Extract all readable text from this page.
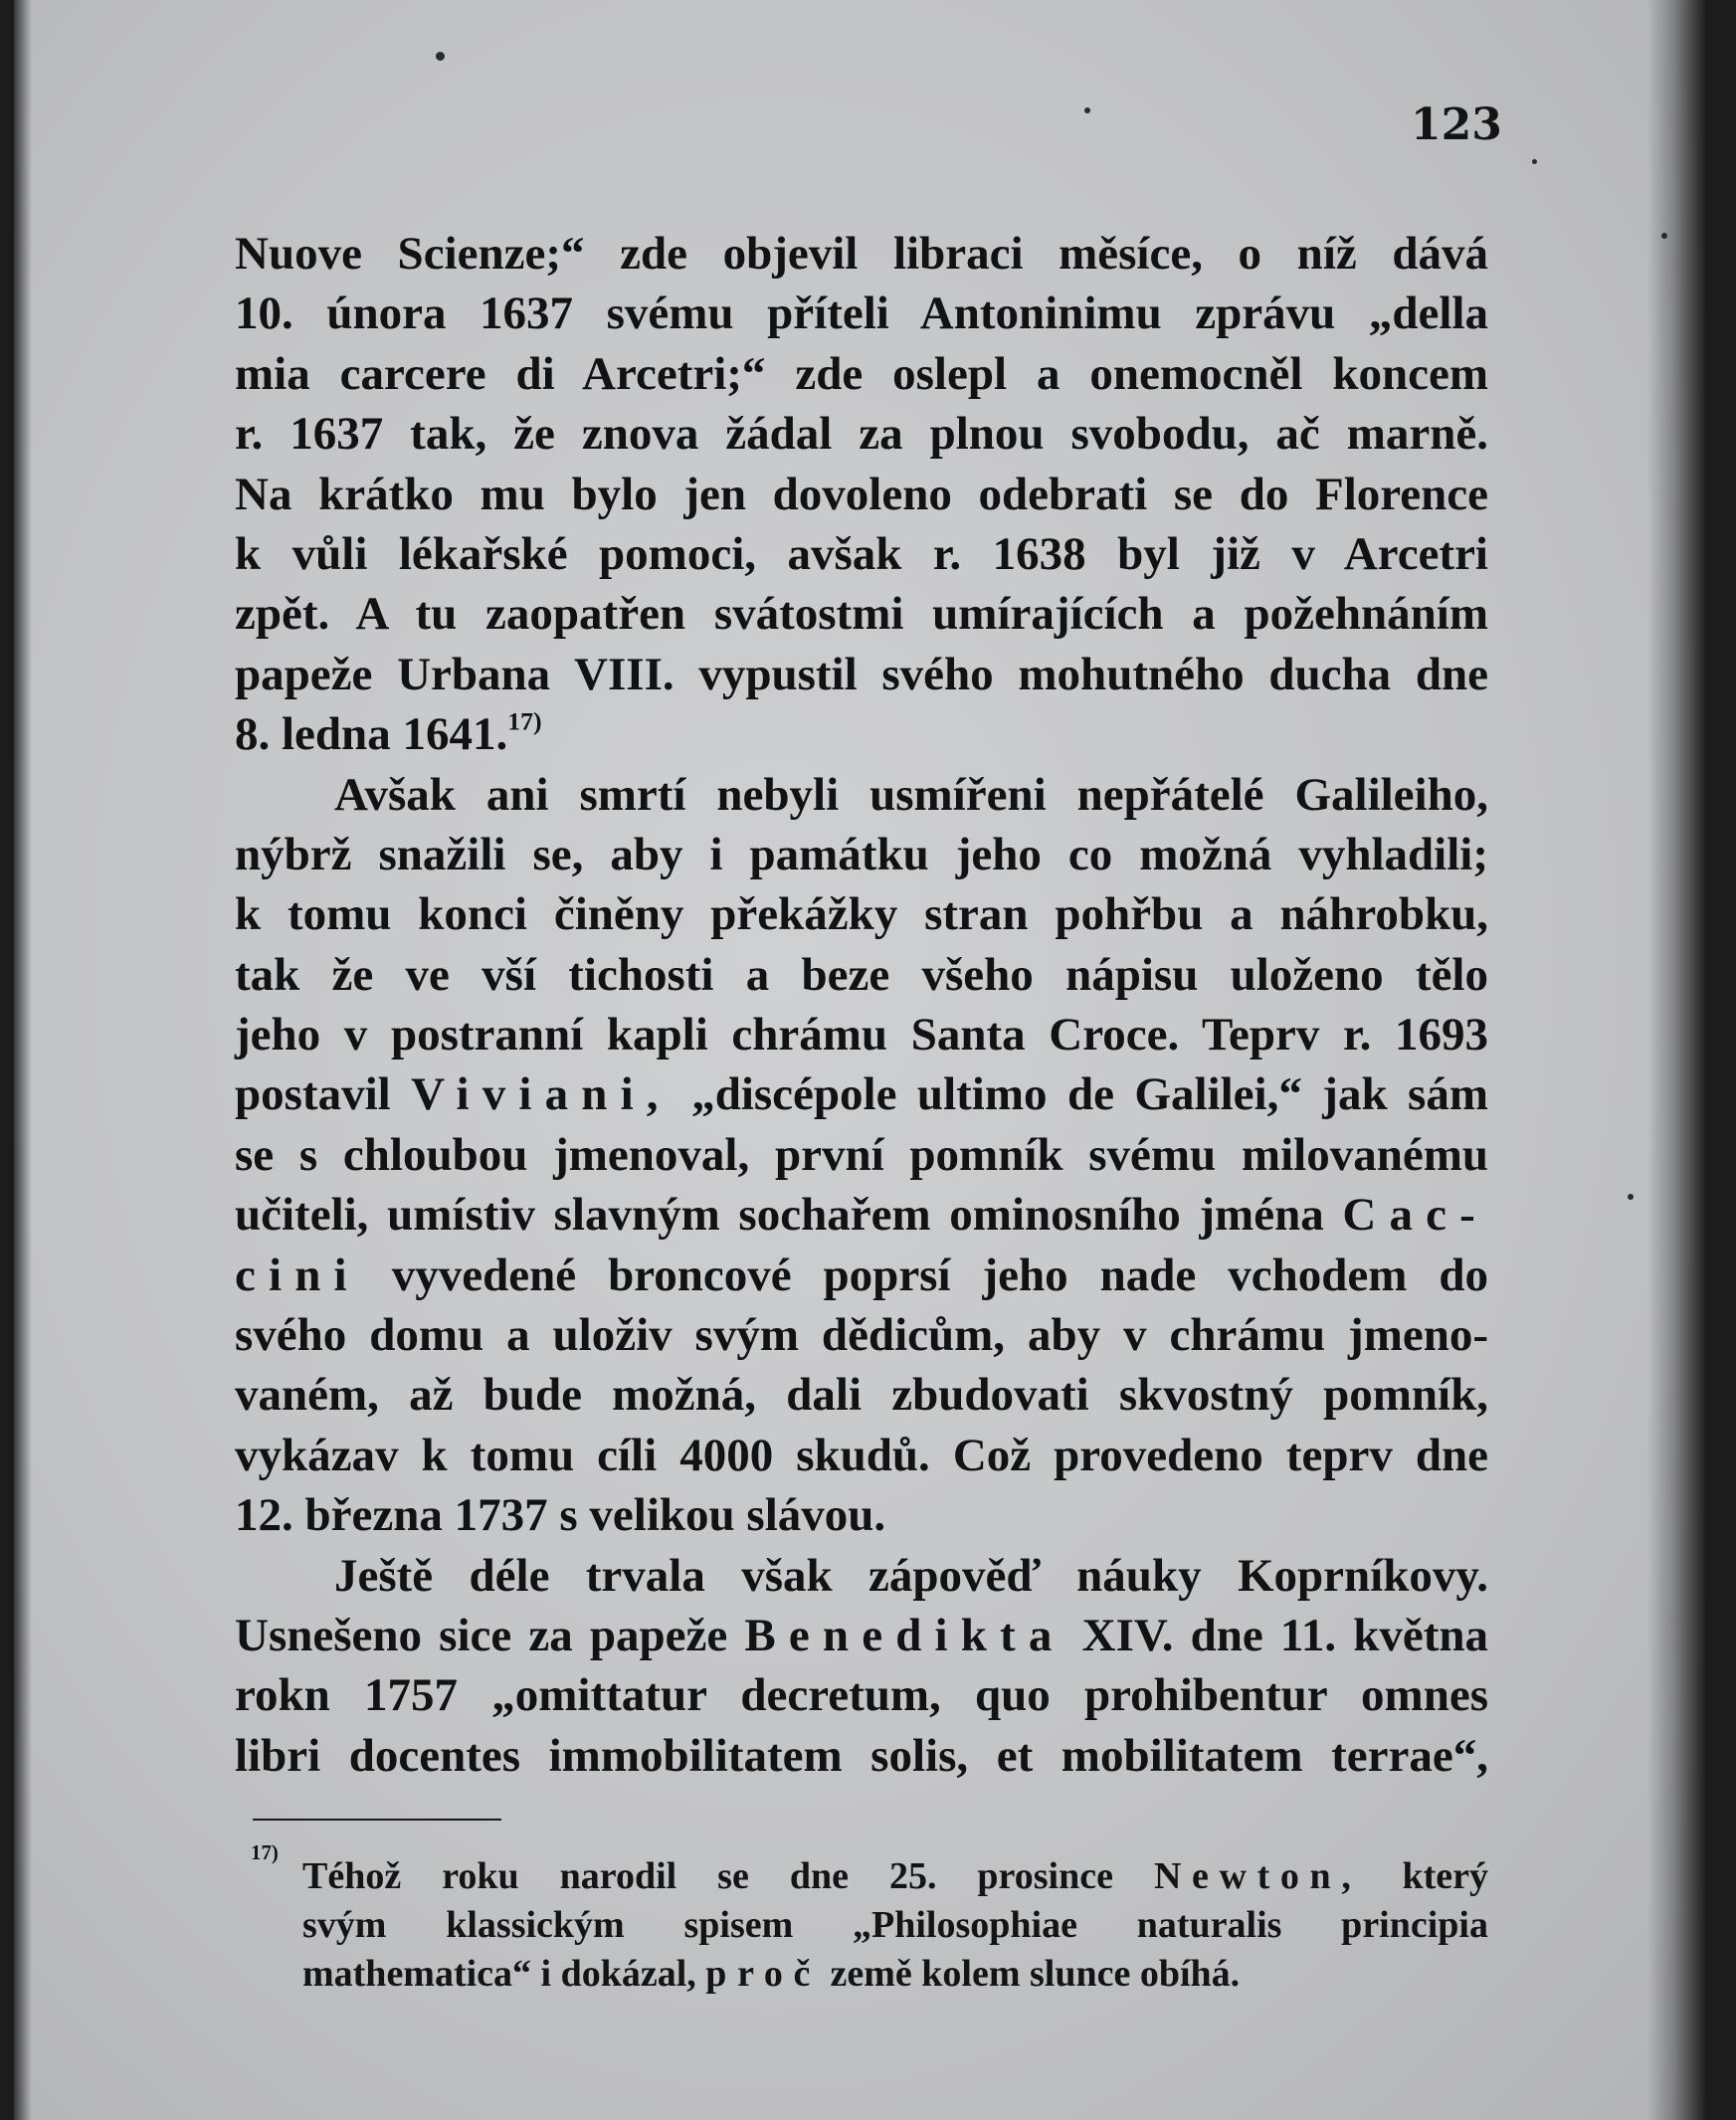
123
Nuove Scienze;“ zde objevil libraci měsíce, o níž dává
10. února 1637 svému příteli Antoninimu zprávu „della
mia carcere di Arcetri;“ zde oslepl a onemocněl koncem
r. 1637 tak, že znova žádal za plnou svobodu, ač marně.
Na krátko mu bylo jen dovoleno odebrati se do Florence
k vůli lékařské pomoci, avšak r. 1638 byl již v Arcetri
zpět. A tu zaopatřen svátostmi umírajících a požehnáním
papeže Urbana VIII. vypustil svého mohutného ducha dne
8. ledna 1641.$^{17)}$
Avšak ani smrtí nebyli usmířeni nepřátelé Galileiho,
nýbrž snažili se, aby i památku jeho co možná vyhladili;
k tomu konci činěny překážky stran pohřbu a náhrobku,
tak že ve vší tichosti a beze všeho nápisu uloženo tělo
jeho v postranní kapli chrámu Santa Croce. Teprv r. 1693
postavil Viviani, „discépole ultimo de Galilei,“ jak sám
se s chloubou jmenoval, první pomník svému milovanému
učiteli, umístiv slavným sochařem ominosního jména Cac-
cini vyvedené broncové poprsí jeho nade vchodem do
svého domu a uloživ svým dědicům, aby v chrámu jmeno-
vaném, až bude možná, dali zbudovati skvostný pomník,
vykázav k tomu cíli 4000 skudů. Což provedeno teprv dne
12. března 1737 s velikou slávou.
Ještě déle trvala však zápověď náuky Koprníkovy.
Usnešeno sice za papeže Benedikta XIV. dne 11. května
rokn 1757 „omittatur decretum, quo prohibentur omnes
libri docentes immobilitatem solis, et mobilitatem terrae“,
17)
Téhož roku narodil se dne 25. prosince Newton, který
svým klassickým spisem „Philosophiae naturalis principia
mathematica“ i dokázal, proč země kolem slunce obíhá.
